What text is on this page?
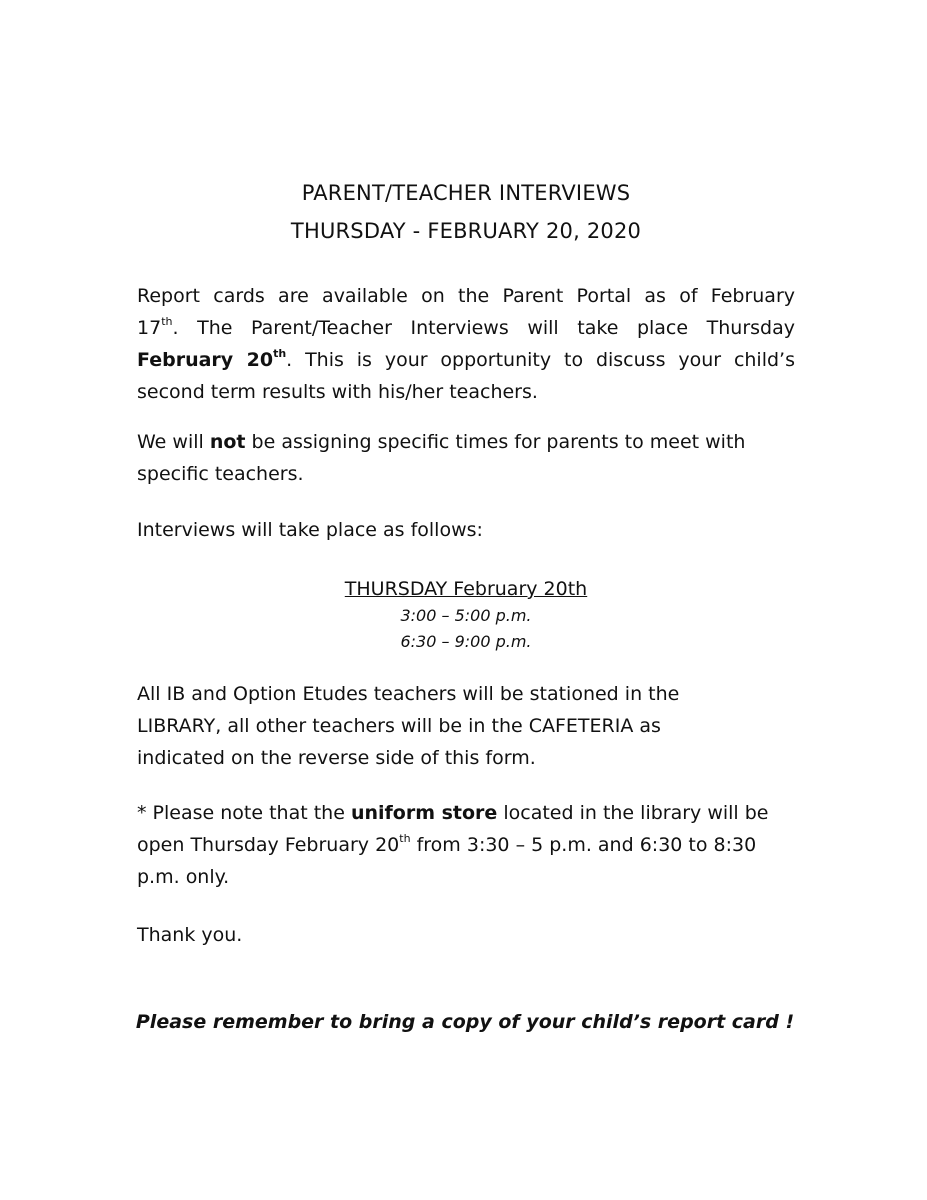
PARENT/TEACHER INTERVIEWS
THURSDAY - FEBRUARY 20, 2020
Report cards are available on the Parent Portal as of February
17th. The Parent/Teacher Interviews will take place Thursday
February 20th. This is your opportunity to discuss your child’s
second term results with his/her teachers.
We will not be assigning specific times for parents to meet with
specific teachers.
Interviews will take place as follows:
THURSDAY February 20th
3:00 – 5:00 p.m.
6:30 – 9:00 p.m.
All IB and Option Etudes teachers will be stationed in the
LIBRARY, all other teachers will be in the CAFETERIA as
indicated on the reverse side of this form.
* Please note that the uniform store located in the library will be
open Thursday February 20th from 3:30 – 5 p.m. and 6:30 to 8:30
p.m. only.
Thank you.
Please remember to bring a copy of your child’s report card !
